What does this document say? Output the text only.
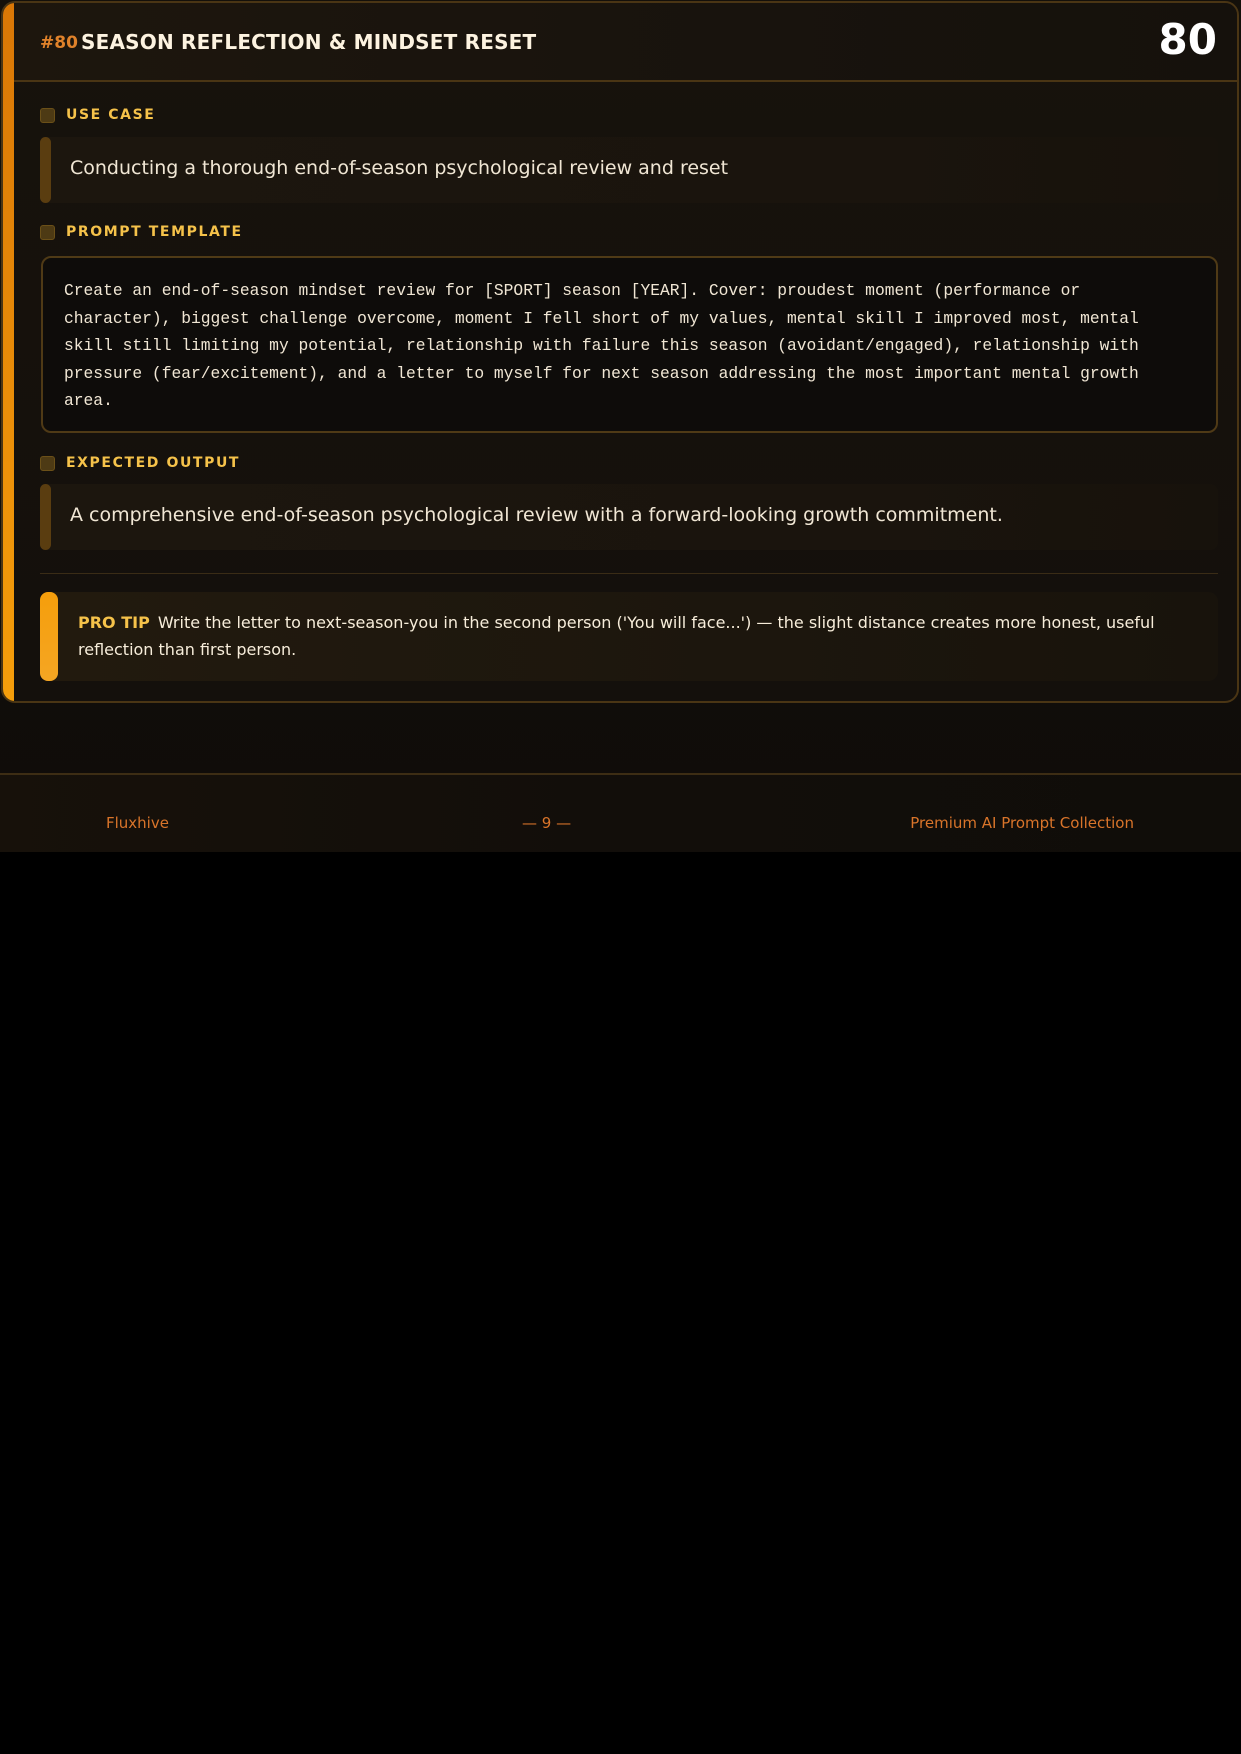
#80 SEASON REFLECTION & MINDSET RESET	80
USE CASE
Conducting a thorough end-of-season psychological review and reset
PROMPT TEMPLATE
Create an end-of-season mindset review for [SPORT] season [YEAR]. Cover: proudest moment (performance or character), biggest challenge overcome, moment I fell short of my values, mental skill I improved most, mental skill still limiting my potential, relationship with failure this season (avoidant/engaged), relationship with pressure (fear/excitement), and a letter to myself for next season addressing the most important mental growth area.
EXPECTED OUTPUT
A comprehensive end-of-season psychological review with a forward-looking growth commitment.
PRO TIP Write the letter to next-season-you in the second person ('You will face...') — the slight distance creates more honest, useful reflection than first person.
Fluxhive	— 9 —	Premium AI Prompt Collection
